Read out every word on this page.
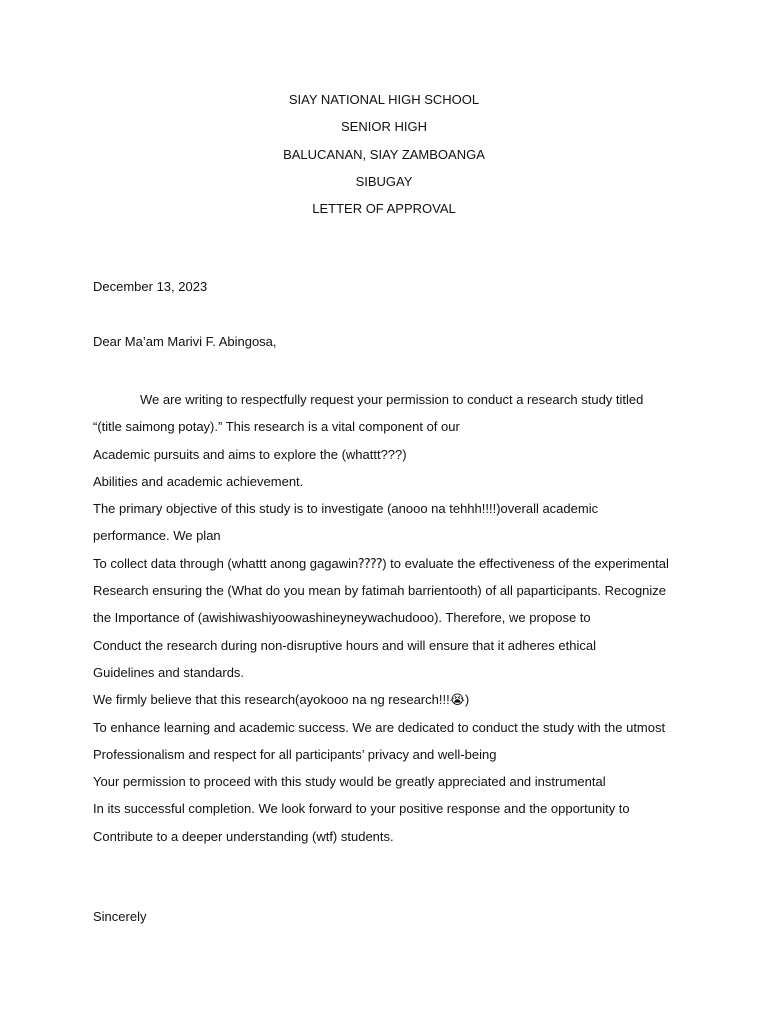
SIAY NATIONAL HIGH SCHOOL
SENIOR HIGH
BALUCANAN, SIAY ZAMBOANGA
SIBUGAY
LETTER OF APPROVAL
December 13, 2023
Dear Ma’am Marivi F. Abingosa,
We are writing to respectfully request your permission to conduct a research study titled
“(title saimong potay).” This research is a vital component of our
Academic pursuits and aims to explore the (whattt???)
Abilities and academic achievement.
The primary objective of this study is to investigate (anooo na tehhh!!!!)overall academic
performance. We plan
To collect data through (whattt anong gagawin⁇⁇) to evaluate the effectiveness of the experimental
Research ensuring the (What do you mean by fatimah barrientooth) of all paparticipants. Recognize
the Importance of (awishiwashiyoowashineyneywachudooo). Therefore, we propose to
Conduct the research during non-disruptive hours and will ensure that it adheres ethical
Guidelines and standards.
We firmly believe that this research(ayokooo na ng research!!!😭)
To enhance learning and academic success. We are dedicated to conduct the study with the utmost
Professionalism and respect for all participants’ privacy and well-being
Your permission to proceed with this study would be greatly appreciated and instrumental
In its successful completion. We look forward to your positive response and the opportunity to
Contribute to a deeper understanding (wtf) students.
Sincerely
